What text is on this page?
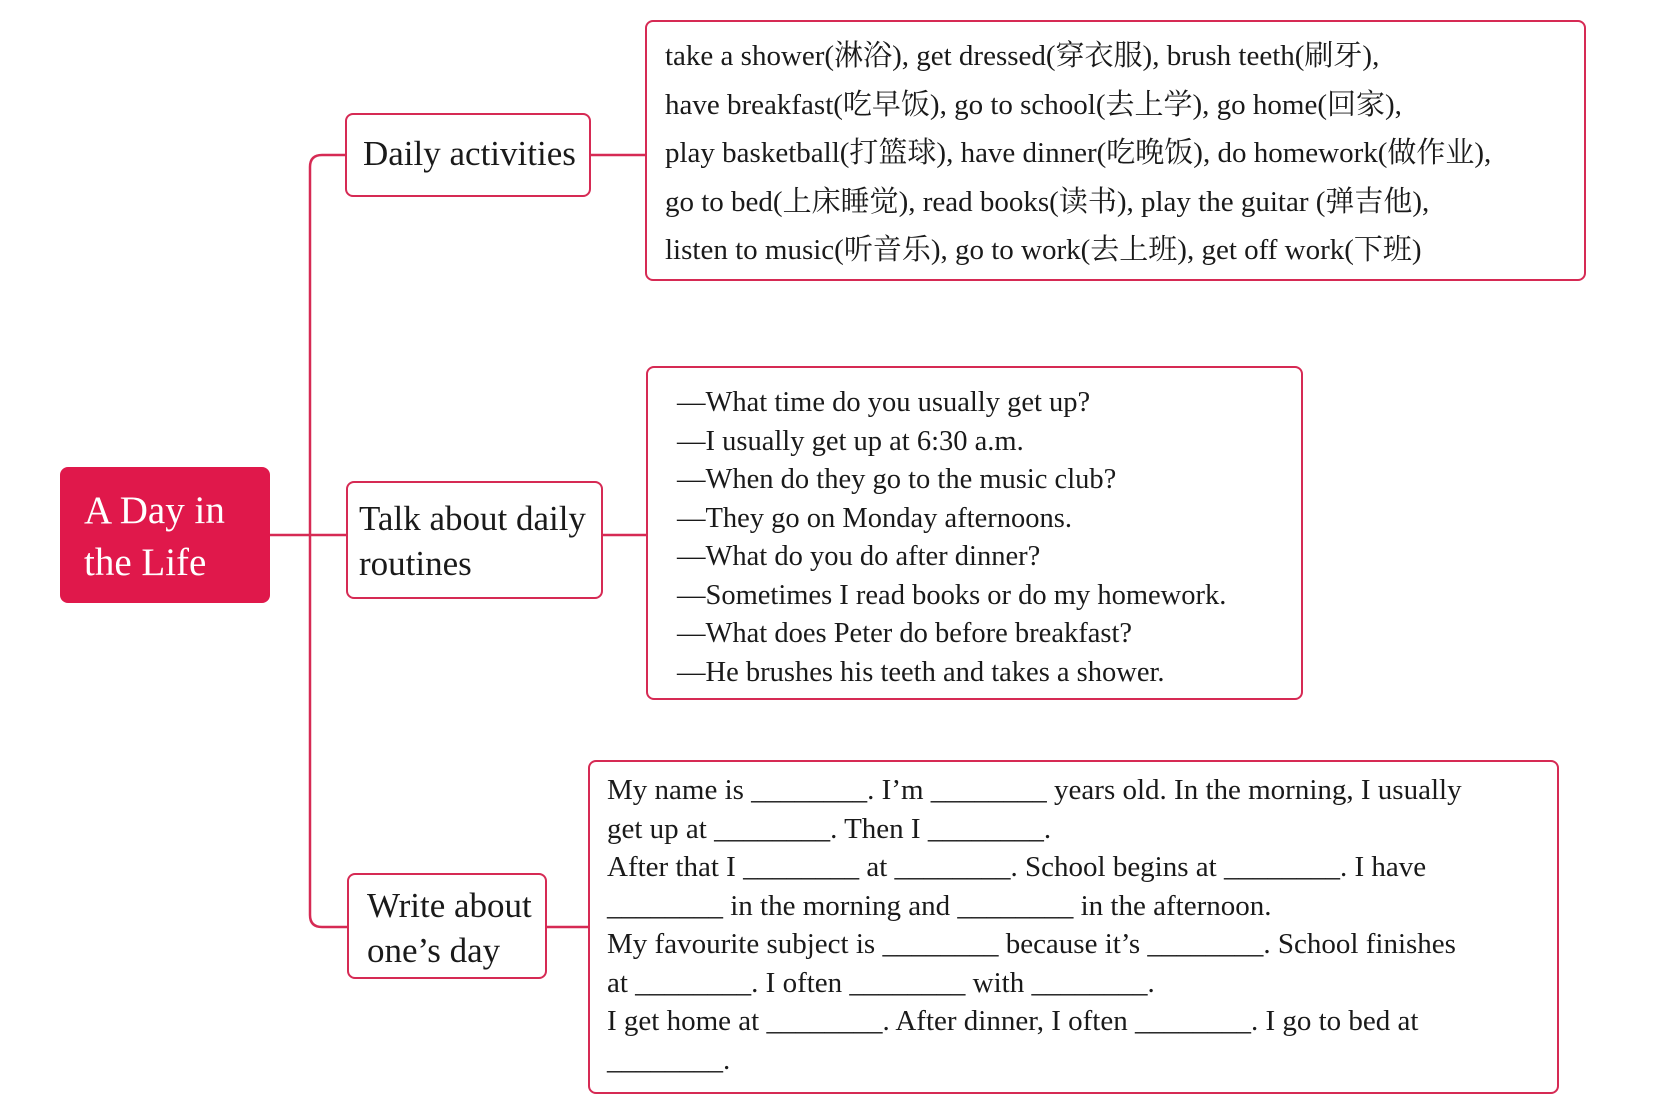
A Day in
the Life
Daily activities
Talk about daily
routines
Write about
one’s day
take a shower(淋浴), get dressed(穿衣服), brush teeth(刷牙),
have breakfast(吃早饭), go to school(去上学), go home(回家),
play basketball(打篮球), have dinner(吃晚饭), do homework(做作业),
go to bed(上床睡觉), read books(读书), play the guitar (弹吉他),
listen to music(听音乐), go to work(去上班), get off work(下班)
—What time do you usually get up?
—I usually get up at 6:30 a.m.
—When do they go to the music club?
—They go on Monday afternoons.
—What do you do after dinner?
—Sometimes I read books or do my homework.
—What does Peter do before breakfast?
—He brushes his teeth and takes a shower.
My name is ________. I’m ________ years old. In the morning, I usually
get up at ________. Then I ________.
After that I ________ at ________. School begins at ________. I have
________ in the morning and ________ in the afternoon.
My favourite subject is ________ because it’s ________. School finishes
at ________. I often ________ with ________.
I get home at ________. After dinner, I often ________. I go to bed at
________.
